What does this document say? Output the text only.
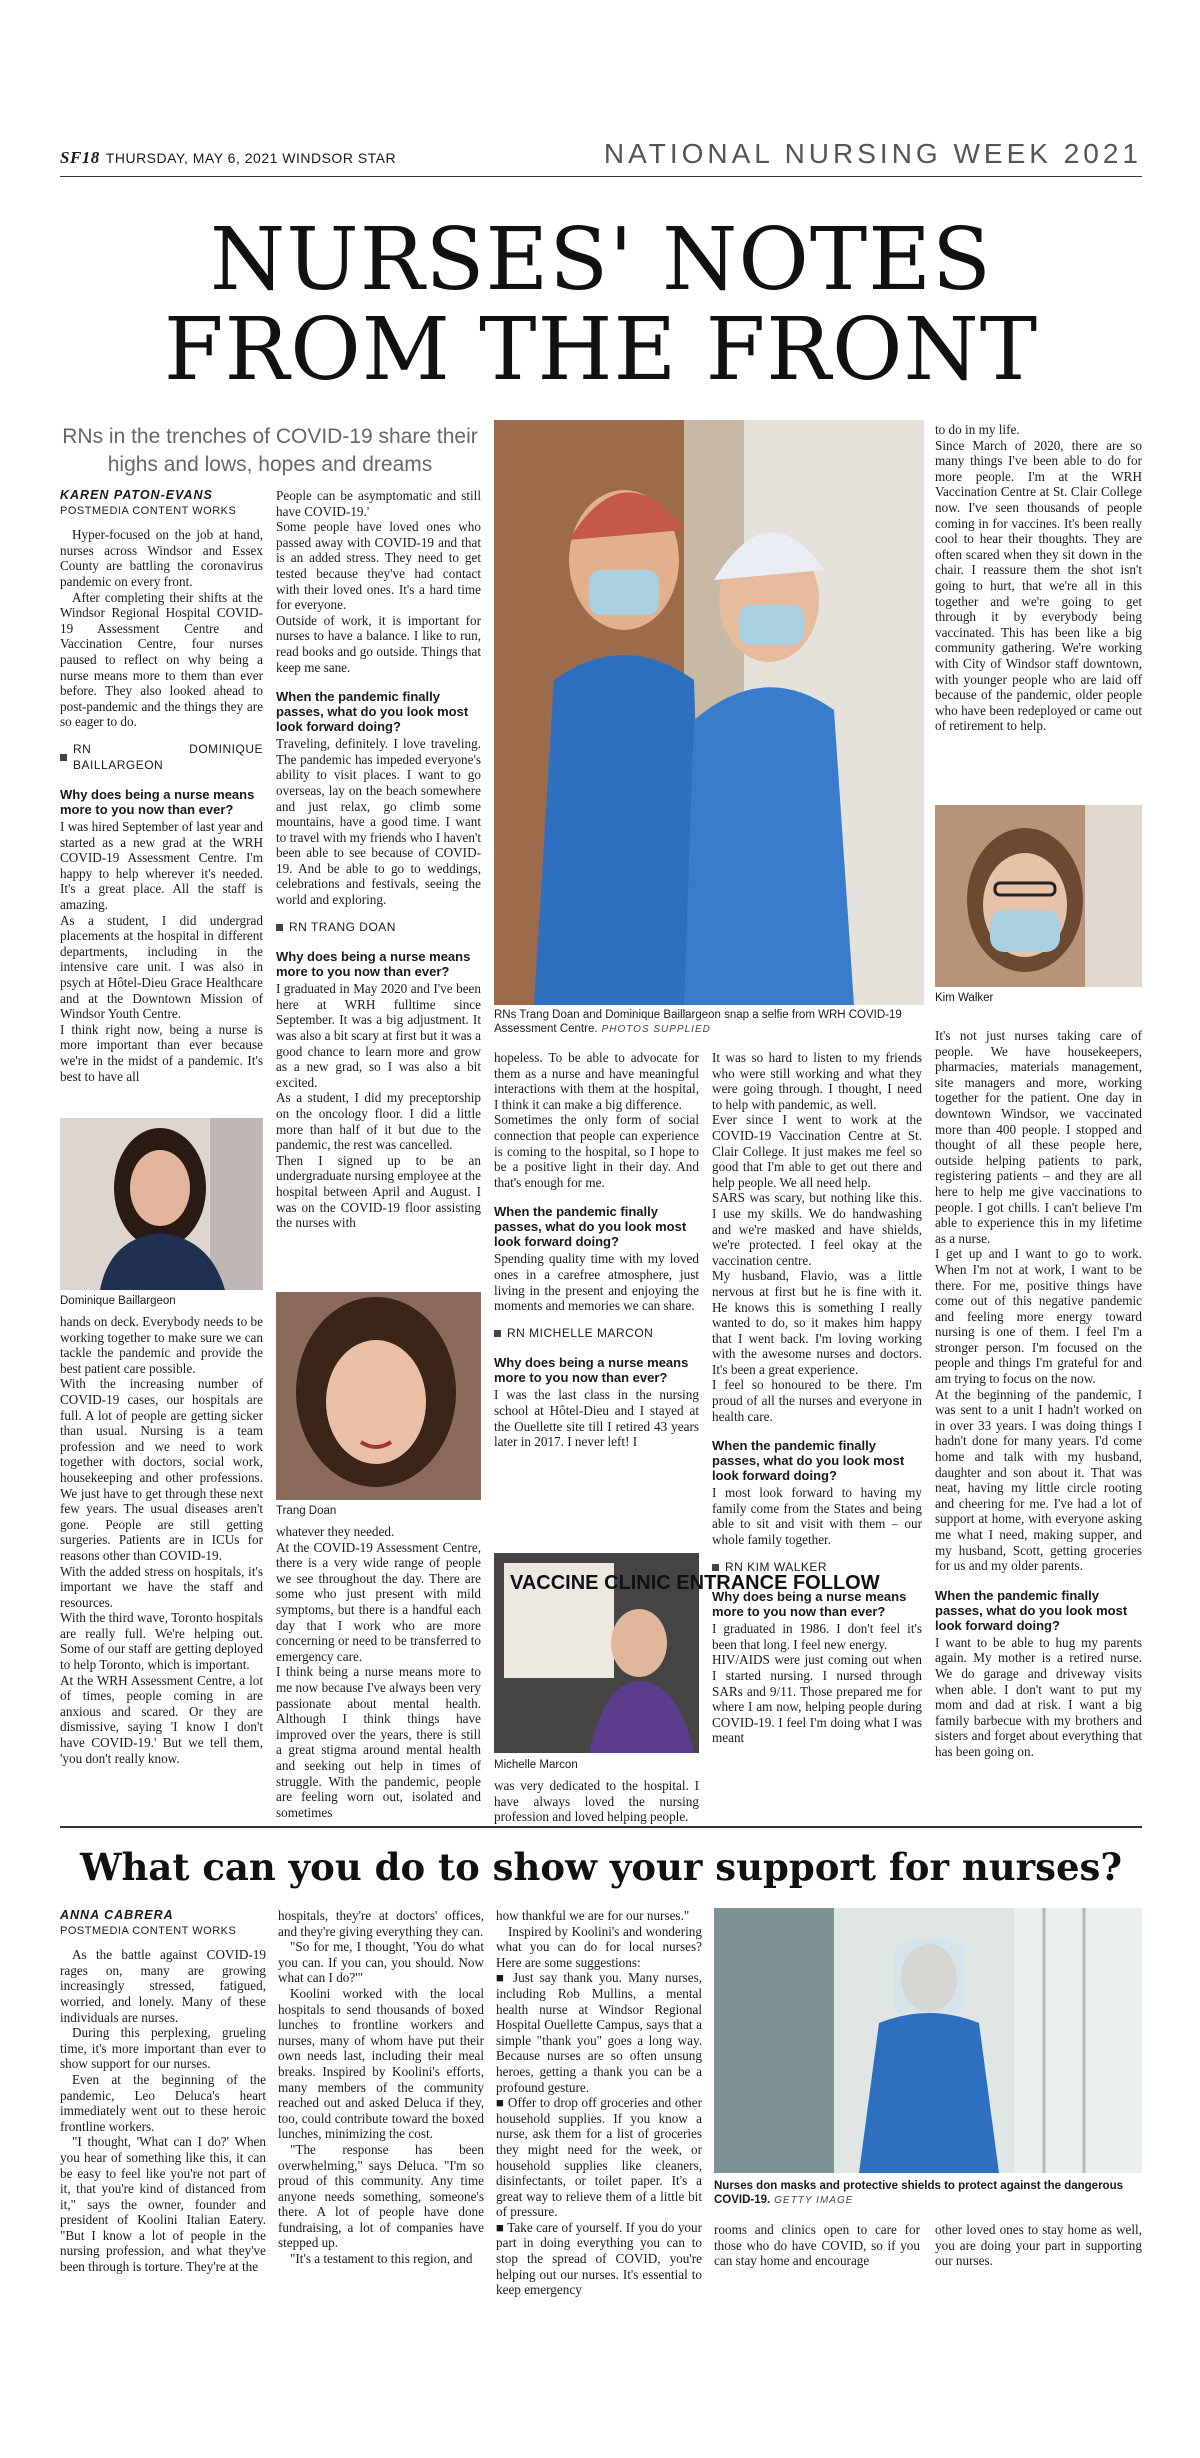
SF18 THURSDAY, MAY 6, 2021 WINDSOR STAR	NATIONAL NURSING WEEK 2021
NURSES' NOTES
FROM THE FRONT
RNs in the trenches of COVID-19 share their highs and lows, hopes and dreams
KAREN PATON-EVANS
POSTMEDIA CONTENT WORKS

Hyper-focused on the job at hand, nurses across Windsor and Essex County are battling the coronavirus pandemic on every front.

After completing their shifts at the Windsor Regional Hospital COVID-19 Assessment Centre and Vaccination Centre, four nurses paused to reflect on why being a nurse means more to them than ever before. They also looked ahead to post-pandemic and the things they are so eager to do.

RN DOMINIQUE BAILLARGEON
Why does being a nurse means more to you now than ever?

I was hired September of last year and started as a new grad at the WRH COVID-19 Assessment Centre. I'm happy to help wherever it's needed. It's a great place. All the staff is amazing.

As a student, I did undergrad placements at the hospital in different departments, including in the intensive care unit. I was also in psych at Hôtel-Dieu Grace Healthcare and at the Downtown Mission of Windsor Youth Centre.

I think right now, being a nurse is more important than ever because we're in the midst of a pandemic. It's best to have all

Dominique Baillargeon

hands on deck. Everybody needs to be working together to make sure we can tackle the pandemic and provide the best patient care possible.

With the increasing number of COVID-19 cases, our hospitals are full. A lot of people are getting sicker than usual. Nursing is a team profession and we need to work together with doctors, social work, housekeeping and other professions. We just have to get through these next few years. The usual diseases aren't gone. People are still getting surgeries. Patients are in ICUs for reasons other than COVID-19.

With the added stress on hospitals, it's important we have the staff and resources.

With the third wave, Toronto hospitals are really full. We're helping out. Some of our staff are getting deployed to help Toronto, which is important.

At the WRH Assessment Centre, a lot of times, people coming in are anxious and scared. Or they are dismissive, saying 'I know I don't have COVID-19.' But we tell them, 'you don't really know.

People can be asymptomatic and still have COVID-19.'

Some people have loved ones who passed away with COVID-19 and that is an added stress. They need to get tested because they've had contact with their loved ones. It's a hard time for everyone.

Outside of work, it is important for nurses to have a balance. I like to run, read books and go outside. Things that keep me sane.

When the pandemic finally passes, what do you look most look forward doing?

Traveling, definitely. I love traveling. The pandemic has impeded everyone's ability to visit places. I want to go overseas, lay on the beach somewhere and just relax, go climb some mountains, have a good time. I want to travel with my friends who I haven't been able to see because of COVID-19. And be able to go to weddings, celebrations and festivals, seeing the world and exploring.

RN TRANG DOAN
Why does being a nurse means more to you now than ever?

I graduated in May 2020 and I've been here at WRH fulltime since September. It was a big adjustment. It was also a bit scary at first but it was a good chance to learn more and grow as a new grad, so I was also a bit excited.

As a student, I did my preceptorship on the oncology floor. I did a little more than half of it but due to the pandemic, the rest was cancelled.

Then I signed up to be an undergraduate nursing employee at the hospital between April and August. I was on the COVID-19 floor assisting the nurses with

Trang Doan

whatever they needed.

At the COVID-19 Assessment Centre, there is a very wide range of people we see throughout the day. There are some who just present with mild symptoms, but there is a handful each day that I work who are more concerning or need to be transferred to emergency care.

I think being a nurse means more to me now because I've always been very passionate about mental health. Although I think things have improved over the years, there is still a great stigma around mental health and seeking out help in times of struggle. With the pandemic, people are feeling worn out, isolated and sometimes

RNs Trang Doan and Dominique Baillargeon snap a selfie from WRH COVID-19 Assessment Centre. PHOTOS SUPPLIED

hopeless. To be able to advocate for them as a nurse and have meaningful interactions with them at the hospital, I think it can make a big difference.

Sometimes the only form of social connection that people can experience is coming to the hospital, so I hope to be a positive light in their day. And that's enough for me.

When the pandemic finally passes, what do you look most look forward doing?

Spending quality time with my loved ones in a carefree atmosphere, just living in the present and enjoying the moments and memories we can share.

RN MICHELLE MARCON
Why does being a nurse means more to you now than ever?

I was the last class in the nursing school at Hôtel-Dieu and I stayed at the Ouellette site till I retired 43 years later in 2017. I never left! I

VACCINE CLINIC ENTRANCE FOLLOW
Michelle Marcon

was very dedicated to the hospital. I have always loved the nursing profession and loved helping people.

It was so hard to listen to my friends who were still working and what they were going through. I thought, I need to help with pandemic, as well.

Ever since I went to work at the COVID-19 Vaccination Centre at St. Clair College. It just makes me feel so good that I'm able to get out there and help people. We all need help.

SARS was scary, but nothing like this. I use my skills. We do handwashing and we're masked and have shields, we're protected. I feel okay at the vaccination centre.

My husband, Flavio, was a little nervous at first but he is fine with it. He knows this is something I really wanted to do, so it makes him happy that I went back. I'm loving working with the awesome nurses and doctors. It's been a great experience.

I feel so honoured to be there. I'm proud of all the nurses and everyone in health care.

When the pandemic finally passes, what do you look most look forward doing?

I most look forward to having my family come from the States and being able to sit and visit with them – our whole family together.

RN KIM WALKER
Why does being a nurse means more to you now than ever?

I graduated in 1986. I don't feel it's been that long. I feel new energy.

HIV/AIDS were just coming out when I started nursing. I nursed through SARs and 9/11. Those prepared me for where I am now, helping people during COVID-19. I feel I'm doing what I was meant

to do in my life.

Since March of 2020, there are so many things I've been able to do for more people. I'm at the WRH Vaccination Centre at St. Clair College now. I've seen thousands of people coming in for vaccines. It's been really cool to hear their thoughts. They are often scared when they sit down in the chair. I reassure them the shot isn't going to hurt, that we're all in this together and we're going to get through it by everybody being vaccinated. This has been like a big community gathering. We're working with City of Windsor staff downtown, with younger people who are laid off because of the pandemic, older people who have been redeployed or came out of retirement to help.

Kim Walker

It's not just nurses taking care of people. We have housekeepers, pharmacies, materials management, site managers and more, working together for the patient. One day in downtown Windsor, we vaccinated more than 400 people. I stopped and thought of all these people here, outside helping patients to park, registering patients – and they are all here to help me give vaccinations to people. I got chills. I can't believe I'm able to experience this in my lifetime as a nurse.

I get up and I want to go to work. When I'm not at work, I want to be there. For me, positive things have come out of this negative pandemic and feeling more energy toward nursing is one of them. I feel I'm a stronger person. I'm focused on the people and things I'm grateful for and am trying to focus on the now.

At the beginning of the pandemic, I was sent to a unit I hadn't worked on in over 33 years. I was doing things I hadn't done for many years. I'd come home and talk with my husband, daughter and son about it. That was neat, having my little circle rooting and cheering for me. I've had a lot of support at home, with everyone asking me what I need, making supper, and my husband, Scott, getting groceries for us and my older parents.

When the pandemic finally passes, what do you look most look forward doing?

I want to be able to hug my parents again. My mother is a retired nurse. We do garage and driveway visits when able. I don't want to put my mom and dad at risk. I want a big family barbecue with my brothers and sisters and forget about everything that has been going on.

What can you do to show your support for nurses?
ANNA CABRERA
POSTMEDIA CONTENT WORKS

As the battle against COVID-19 rages on, many are growing increasingly stressed, fatigued, worried, and lonely. Many of these individuals are nurses.

During this perplexing, grueling time, it's more important than ever to show support for our nurses.

Even at the beginning of the pandemic, Leo Deluca's heart immediately went out to these heroic frontline workers.

"I thought, 'What can I do?' When you hear of something like this, it can be easy to feel like you're not part of it, that you're kind of distanced from it," says the owner, founder and president of Koolini Italian Eatery. "But I know a lot of people in the nursing profession, and what they've been through is torture. They're at the

hospitals, they're at doctors' offices, and they're giving everything they can.

"So for me, I thought, 'You do what you can. If you can, you should. Now what can I do?'"

Koolini worked with the local hospitals to send thousands of boxed lunches to frontline workers and nurses, many of whom have put their own needs last, including their meal breaks. Inspired by Koolini's efforts, many members of the community reached out and asked Deluca if they, too, could contribute toward the boxed lunches, minimizing the cost.

"The response has been overwhelming," says Deluca. "I'm so proud of this community. Any time anyone needs something, someone's there. A lot of people have done fundraising, a lot of companies have stepped up.

"It's a testament to this region, and

how thankful we are for our nurses."

Inspired by Koolini's and wondering what you can do for local nurses? Here are some suggestions:

■ Just say thank you. Many nurses, including Rob Mullins, a mental health nurse at Windsor Regional Hospital Ouellette Campus, says that a simple "thank you" goes a long way. Because nurses are so often unsung heroes, getting a thank you can be a profound gesture.

■ Offer to drop off groceries and other household supplies. If you know a nurse, ask them for a list of groceries they might need for the week, or household supplies like cleaners, disinfectants, or toilet paper. It's a great way to relieve them of a little bit of pressure.

■ Take care of yourself. If you do your part in doing everything you can to stop the spread of COVID, you're helping out our nurses. It's essential to keep emergency

Nurses don masks and protective shields to protect against the dangerous COVID-19. GETTY IMAGE

rooms and clinics open to care for those who do have COVID, so if you can stay home and encourage

other loved ones to stay home as well, you are doing your part in supporting our nurses.
